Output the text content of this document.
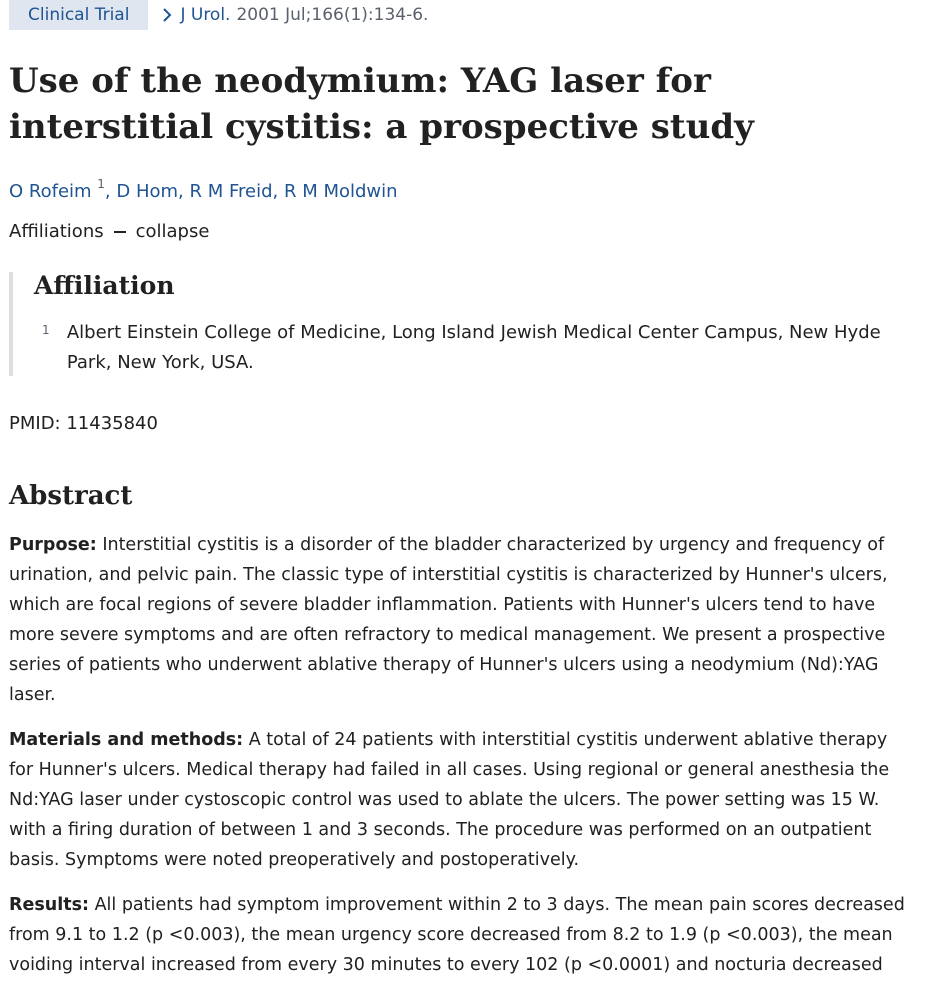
Clinical Trial	J Urol. 2001 Jul;166(1):134-6.
Use of the neodymium: YAG laser for interstitial cystitis: a prospective study
O Rofeim $^1$, D Hom, R M Freid, R M Moldwin
Affiliations collapse
Affiliation
1 Albert Einstein College of Medicine, Long Island Jewish Medical Center Campus, New Hyde Park, New York, USA.
PMID: 11435840
Abstract

Purpose: Interstitial cystitis is a disorder of the bladder characterized by urgency and frequency of urination, and pelvic pain. The classic type of interstitial cystitis is characterized by Hunner's ulcers, which are focal regions of severe bladder inflammation. Patients with Hunner's ulcers tend to have more severe symptoms and are often refractory to medical management. We present a prospective series of patients who underwent ablative therapy of Hunner's ulcers using a neodymium (Nd):YAG laser.

Materials and methods: A total of 24 patients with interstitial cystitis underwent ablative therapy for Hunner's ulcers. Medical therapy had failed in all cases. Using regional or general anesthesia the Nd:YAG laser under cystoscopic control was used to ablate the ulcers. The power setting was 15 W. with a firing duration of between 1 and 3 seconds. The procedure was performed on an outpatient basis. Symptoms were noted preoperatively and postoperatively.

Results: All patients had symptom improvement within 2 to 3 days. The mean pain scores decreased from 9.1 to 1.2 (p <0.003), the mean urgency score decreased from 8.2 to 1.9 (p <0.003), the mean voiding interval increased from every 30 minutes to every 102 (p <0.0001) and nocturia decreased
